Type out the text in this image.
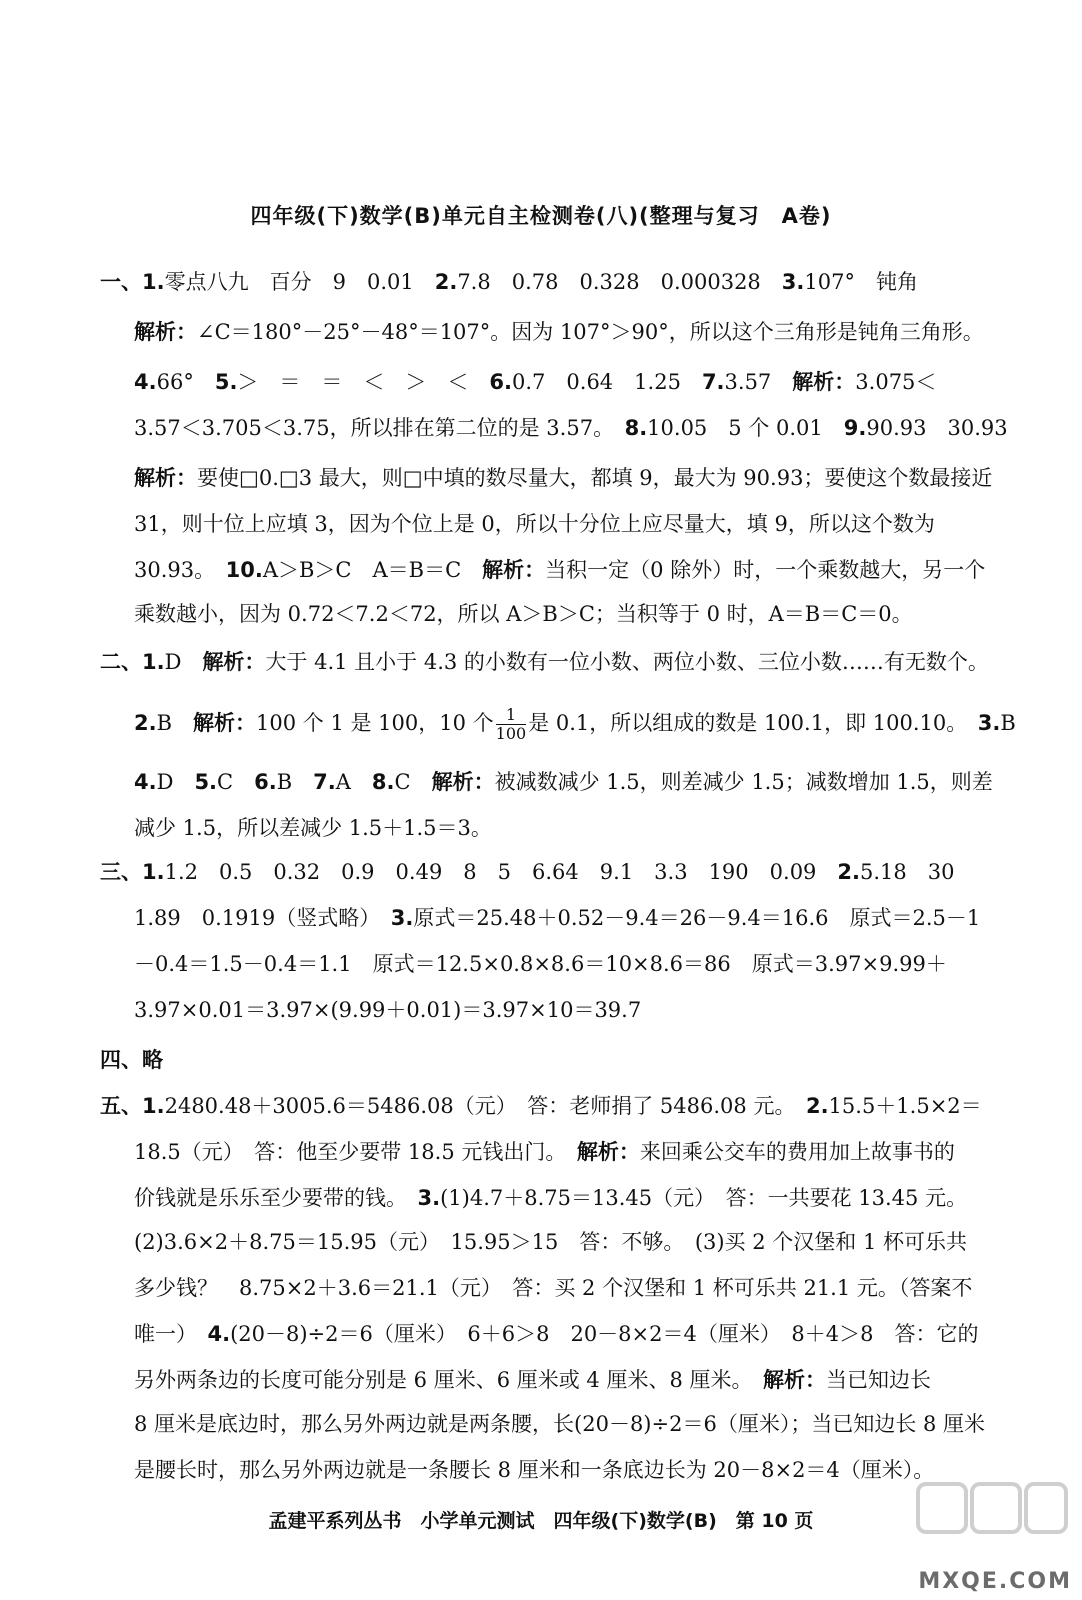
四年级(下)数学(B)单元自主检测卷(八)(整理与复习　A卷)
一、1.零点八九　百分　9　0.01　2.7.8　0.78　0.328　0.000328　3.107°　钝角
解析：∠C＝180°－25°－48°＝107°。因为 107°＞90°，所以这个三角形是钝角三角形。
4.66°　5.＞　＝　＝　＜　＞　＜　6.0.7　0.64　1.25　7.3.57　解析：3.075＜
3.57＜3.705＜3.75，所以排在第二位的是 3.57。　8.10.05　5 个 0.01　9.90.93　30.93
解析：要使□0.□3 最大，则□中填的数尽量大，都填 9，最大为 90.93；要使这个数最接近
31，则十位上应填 3，因为个位上是 0，所以十分位上应尽量大，填 9，所以这个数为
30.93。　10.A＞B＞C　A＝B＝C　解析：当积一定（0 除外）时，一个乘数越大，另一个
乘数越小，因为 0.72＜7.2＜72，所以 A＞B＞C；当积等于 0 时，A＝B＝C＝0。
二、1.D　解析：大于 4.1 且小于 4.3 的小数有一位小数、两位小数、三位小数……有无数个。
2.B　解析：100 个 1 是 100，10 个 $\frac{1}{100}$ 是 0.1，所以组成的数是 100.1，即 100.10。　3.B
4.D　5.C　6.B　7.A　8.C　解析：被减数减少 1.5，则差减少 1.5；减数增加 1.5，则差
减少 1.5，所以差减少 1.5＋1.5＝3。
三、1.1.2　0.5　0.32　0.9　0.49　8　5　6.64　9.1　3.3　190　0.09　2.5.18　30
1.89　0.1919（竖式略）　3.原式＝25.48＋0.52－9.4＝26－9.4＝16.6　原式＝2.5－1
－0.4＝1.5－0.4＝1.1　原式＝12.5×0.8×8.6＝10×8.6＝86　原式＝3.97×9.99＋
3.97×0.01＝3.97×(9.99＋0.01)＝3.97×10＝39.7
四、略
五、1.2480.48＋3005.6＝5486.08（元）　答：老师捐了 5486.08 元。　2.15.5＋1.5×2＝
18.5（元）　答：他至少要带 18.5 元钱出门。　解析：来回乘公交车的费用加上故事书的
价钱就是乐乐至少要带的钱。　3.(1)4.7＋8.75＝13.45（元）　答：一共要花 13.45 元。
(2)3.6×2＋8.75＝15.95（元）　15.95＞15　答：不够。　(3)买 2 个汉堡和 1 杯可乐共
多少钱？　8.75×2＋3.6＝21.1（元）　答：买 2 个汉堡和 1 杯可乐共 21.1 元。（答案不
唯一）　4.(20－8)÷2＝6（厘米）　6＋6＞8　20－8×2＝4（厘米）　8＋4＞8　答：它的
另外两条边的长度可能分别是 6 厘米、6 厘米或 4 厘米、8 厘米。　解析：当已知边长
8 厘米是底边时，那么另外两边就是两条腰，长(20－8)÷2＝6（厘米）；当已知边长 8 厘米
是腰长时，那么另外两边就是一条腰长 8 厘米和一条底边长为 20－8×2＝4（厘米）。
孟建平系列丛书　小学单元测试　四年级(下)数学(B)　第 10 页
MXQE.COM
